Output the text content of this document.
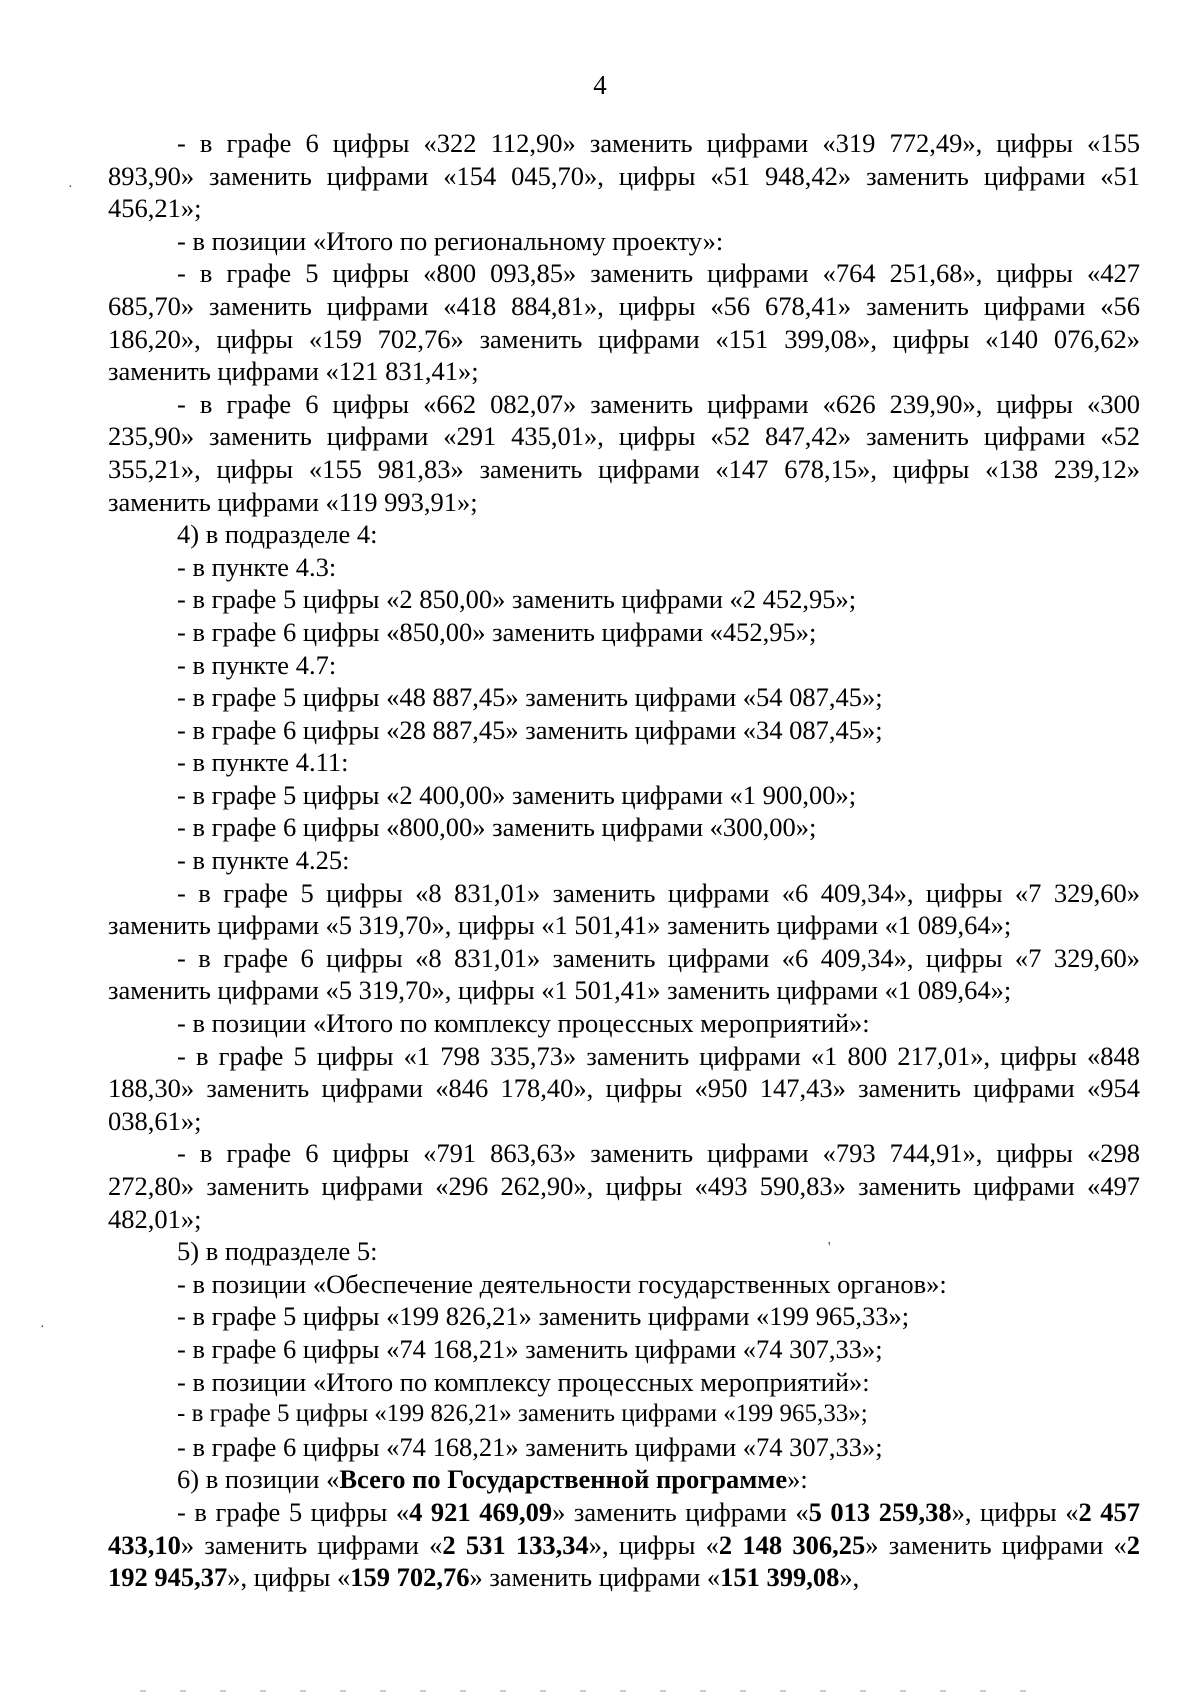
4

- в графе 6 цифры «322 112,90» заменить цифрами «319 772,49», цифры «155 893,90» заменить цифрами «154 045,70», цифры «51 948,42» заменить цифрами «51 456,21»;

- в позиции «Итого по региональному проекту»:

- в графе 5 цифры «800 093,85» заменить цифрами «764 251,68», цифры «427 685,70» заменить цифрами «418 884,81», цифры «56 678,41» заменить цифрами «56 186,20», цифры «159 702,76» заменить цифрами «151 399,08», цифры «140 076,62» заменить цифрами «121 831,41»;

- в графе 6 цифры «662 082,07» заменить цифрами «626 239,90», цифры «300 235,90» заменить цифрами «291 435,01», цифры «52 847,42» заменить цифрами «52 355,21», цифры «155 981,83» заменить цифрами «147 678,15», цифры «138 239,12» заменить цифрами «119 993,91»;

4) в подразделе 4:

- в пункте 4.3:

- в графе 5 цифры «2 850,00» заменить цифрами «2 452,95»;

- в графе 6 цифры «850,00» заменить цифрами «452,95»;

- в пункте 4.7:

- в графе 5 цифры «48 887,45» заменить цифрами «54 087,45»;

- в графе 6 цифры «28 887,45» заменить цифрами «34 087,45»;

- в пункте 4.11:

- в графе 5 цифры «2 400,00» заменить цифрами «1 900,00»;

- в графе 6 цифры «800,00» заменить цифрами «300,00»;

- в пункте 4.25:

- в графе 5 цифры «8 831,01» заменить цифрами «6 409,34», цифры «7 329,60» заменить цифрами «5 319,70», цифры «1 501,41» заменить цифрами «1 089,64»;

- в графе 6 цифры «8 831,01» заменить цифрами «6 409,34», цифры «7 329,60» заменить цифрами «5 319,70», цифры «1 501,41» заменить цифрами «1 089,64»;

- в позиции «Итого по комплексу процессных мероприятий»:

- в графе 5 цифры «1 798 335,73» заменить цифрами «1 800 217,01», цифры «848 188,30» заменить цифрами «846 178,40», цифры «950 147,43» заменить цифрами «954 038,61»;

- в графе 6 цифры «791 863,63» заменить цифрами «793 744,91», цифры «298 272,80» заменить цифрами «296 262,90», цифры «493 590,83» заменить цифрами «497 482,01»;

5) в подразделе 5:

- в позиции «Обеспечение деятельности государственных органов»:

- в графе 5 цифры «199 826,21» заменить цифрами «199 965,33»;

- в графе 6 цифры «74 168,21» заменить цифрами «74 307,33»;

- в позиции «Итого по комплексу процессных мероприятий»:

- в графе 5 цифры «199 826,21» заменить цифрами «199 965,33»;

- в графе 6 цифры «74 168,21» заменить цифрами «74 307,33»;

6) в позиции «Всего по Государственной программе»:

- в графе 5 цифры «4 921 469,09» заменить цифрами «5 013 259,38», цифры «2 457 433,10» заменить цифрами «2 531 133,34», цифры «2 148 306,25» заменить цифрами «2 192 945,37», цифры «159 702,76» заменить цифрами «151 399,08»,

·
·
'
